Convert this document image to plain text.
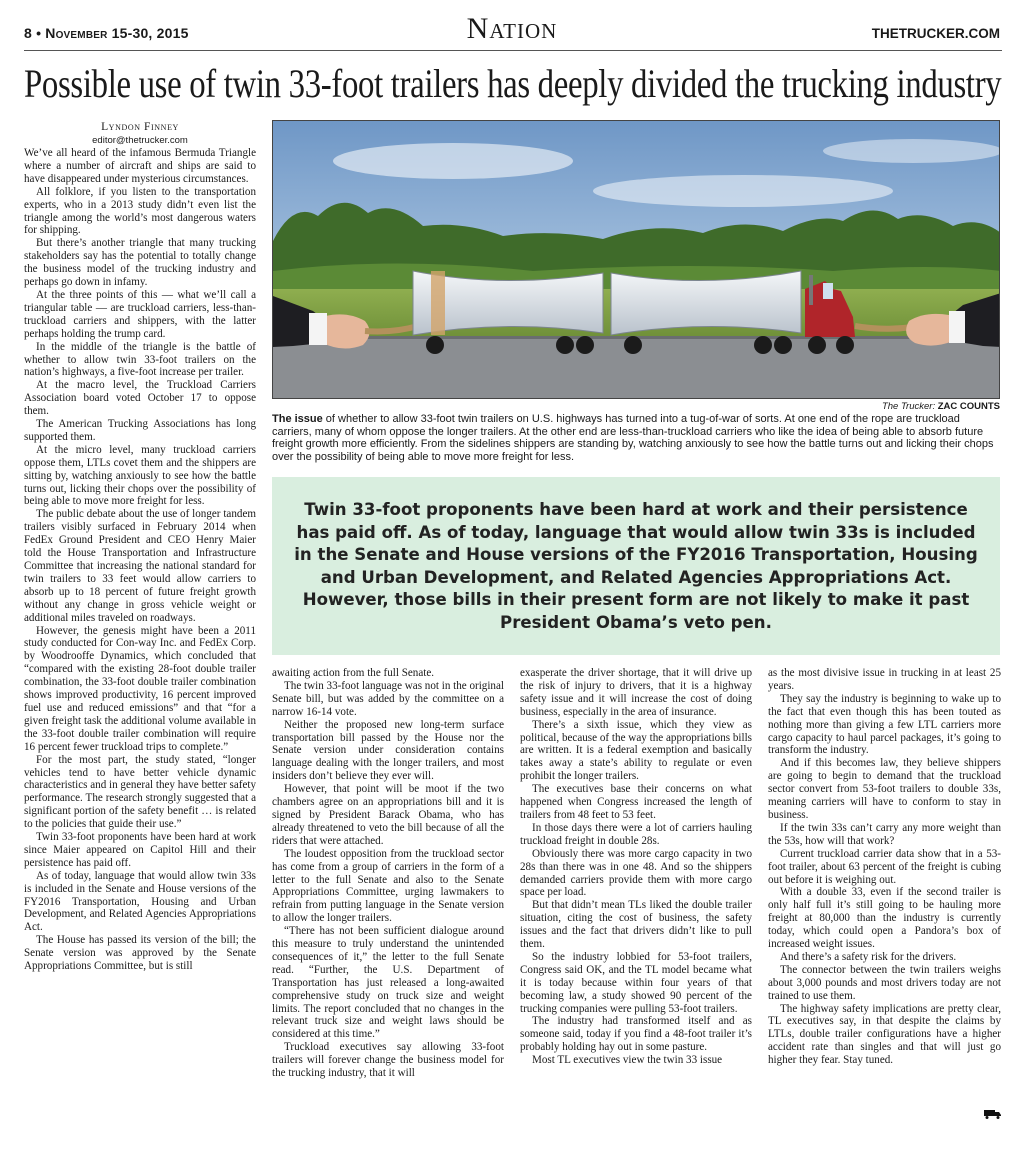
8 • November 15-30, 2015	Nation	THETRUCKER.COM
Possible use of twin 33-foot trailers has deeply divided the trucking industry
Lyndon Finney
editor@thetrucker.com

We’ve all heard of the infamous Bermuda Triangle where a number of aircraft and ships are said to have disappeared under mysterious circumstances.

All folklore, if you listen to the transportation experts, who in a 2013 study didn’t even list the triangle among the world’s most dangerous waters for shipping.

But there’s another triangle that many trucking stakeholders say has the potential to totally change the business model of the trucking industry and perhaps go down in infamy.

At the three points of this — what we’ll call a triangular table — are truckload carriers, less-than-truckload carriers and shippers, with the latter perhaps holding the trump card.

In the middle of the triangle is the battle of whether to allow twin 33-foot trailers on the nation’s highways, a five-foot increase per trailer.

At the macro level, the Truckload Carriers Association board voted October 17 to oppose them.

The American Trucking Associations has long supported them.

At the micro level, many truckload carriers oppose them, LTLs covet them and the shippers are sitting by, watching anxiously to see how the battle turns out, licking their chops over the possibility of being able to move more freight for less.

The public debate about the use of longer tandem trailers visibly surfaced in February 2014 when FedEx Ground President and CEO Henry Maier told the House Transportation and Infrastructure Committee that increasing the national standard for twin trailers to 33 feet would allow carriers to absorb up to 18 percent of future freight growth without any change in gross vehicle weight or additional miles traveled on roadways.

However, the genesis might have been a 2011 study conducted for Con-way Inc. and FedEx Corp. by Woodrooffe Dynamics, which concluded that “compared with the existing 28-foot double trailer combination, the 33-foot double trailer combination shows improved productivity, 16 percent improved fuel use and reduced emissions” and that “for a given freight task the additional volume available in the 33-foot double trailer combination will require 16 percent fewer truckload trips to complete.”

For the most part, the study stated, “longer vehicles tend to have better vehicle dynamic characteristics and in general they have better safety performance. The research strongly suggested that a significant portion of the safety benefit … is related to the policies that guide their use.”

Twin 33-foot proponents have been hard at work since Maier appeared on Capitol Hill and their persistence has paid off.

As of today, language that would allow twin 33s is included in the Senate and House versions of the FY2016 Transportation, Housing and Urban Development, and Related Agencies Appropriations Act.

The House has passed its version of the bill; the Senate version was approved by the Senate Appropriations Committee, but is still

The Trucker: ZAC COUNTS
The issue of whether to allow 33-foot twin trailers on U.S. highways has turned into a tug-of-war of sorts. At one end of the rope are truckload carriers, many of whom oppose the longer trailers. At the other end are less-than-truckload carriers who like the idea of being able to absorb future freight growth more efficiently. From the sidelines shippers are standing by, watching anxiously to see how the battle turns out and licking their chops over the possibility of being able to move more freight for less.
Twin 33-foot proponents have been hard at work and their persistence has paid off. As of today, language that would allow twin 33s is included in the Senate and House versions of the FY2016 Transportation, Housing and Urban Development, and Related Agencies Appropriations Act. However, those bills in their present form are not likely to make it past President Obama’s veto pen.

awaiting action from the full Senate.

The twin 33-foot language was not in the original Senate bill, but was added by the committee on a narrow 16-14 vote.

Neither the proposed new long-term surface transportation bill passed by the House nor the Senate version under consideration contains language dealing with the longer trailers, and most insiders don’t believe they ever will.

However, that point will be moot if the two chambers agree on an appropriations bill and it is signed by President Barack Obama, who has already threatened to veto the bill because of all the riders that were attached.

The loudest opposition from the truckload sector has come from a group of carriers in the form of a letter to the full Senate and also to the Senate Appropriations Committee, urging lawmakers to refrain from putting language in the Senate version to allow the longer trailers.

“There has not been sufficient dialogue around this measure to truly understand the unintended consequences of it,” the letter to the full Senate read. “Further, the U.S. Department of Transportation has just released a long-awaited comprehensive study on truck size and weight limits. The report concluded that no changes in the relevant truck size and weight laws should be considered at this time.”

Truckload executives say allowing 33-foot trailers will forever change the business model for the trucking industry, that it will

exasperate the driver shortage, that it will drive up the risk of injury to drivers, that it is a highway safety issue and it will increase the cost of doing business, especially in the area of insurance.

There’s a sixth issue, which they view as political, because of the way the appropriations bills are written. It is a federal exemption and basically takes away a state’s ability to regulate or even prohibit the longer trailers.

The executives base their concerns on what happened when Congress increased the length of trailers from 48 feet to 53 feet.

In those days there were a lot of carriers hauling truckload freight in double 28s.

Obviously there was more cargo capacity in two 28s than there was in one 48. And so the shippers demanded carriers provide them with more cargo space per load.

But that didn’t mean TLs liked the double trailer situation, citing the cost of business, the safety issues and the fact that drivers didn’t like to pull them.

So the industry lobbied for 53-foot trailers, Congress said OK, and the TL model became what it is today because within four years of that becoming law, a study showed 90 percent of the trucking companies were pulling 53-foot trailers.

The industry had transformed itself and as someone said, today if you find a 48-foot trailer it’s probably holding hay out in some pasture.

Most TL executives view the twin 33 issue

as the most divisive issue in trucking in at least 25 years.

They say the industry is beginning to wake up to the fact that even though this has been touted as nothing more than giving a few LTL carriers more cargo capacity to haul parcel packages, it’s going to transform the industry.

And if this becomes law, they believe shippers are going to begin to demand that the truckload sector convert from 53-foot trailers to double 33s, meaning carriers will have to conform to stay in business.

If the twin 33s can’t carry any more weight than the 53s, how will that work?

Current truckload carrier data show that in a 53-foot trailer, about 63 percent of the freight is cubing out before it is weighing out.

With a double 33, even if the second trailer is only half full it’s still going to be hauling more freight at 80,000 than the industry is currently today, which could open a Pandora’s box of increased weight issues.

And there’s a safety risk for the drivers.

The connector between the twin trailers weighs about 3,000 pounds and most drivers today are not trained to use them.

The highway safety implications are pretty clear, TL executives say, in that despite the claims by LTLs, double trailer configurations have a higher accident rate than singles and that will just go higher they fear. Stay tuned.
